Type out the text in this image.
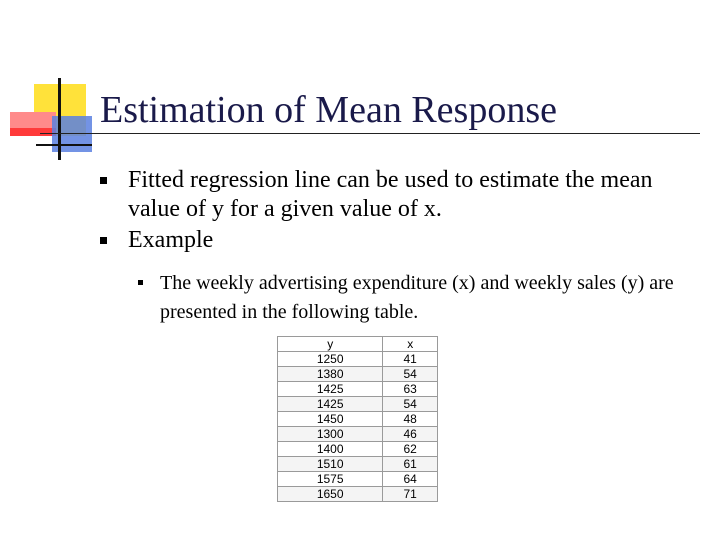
Estimation of Mean Response
Fitted regression line can be used to estimate the mean value of y for a given value of x.
Example
The weekly advertising expenditure (x) and weekly sales (y) are presented in the following table.
y	x
1250	41
1380	54
1425	63
1425	54
1450	48
1300	46
1400	62
1510	61
1575	64
1650	71
